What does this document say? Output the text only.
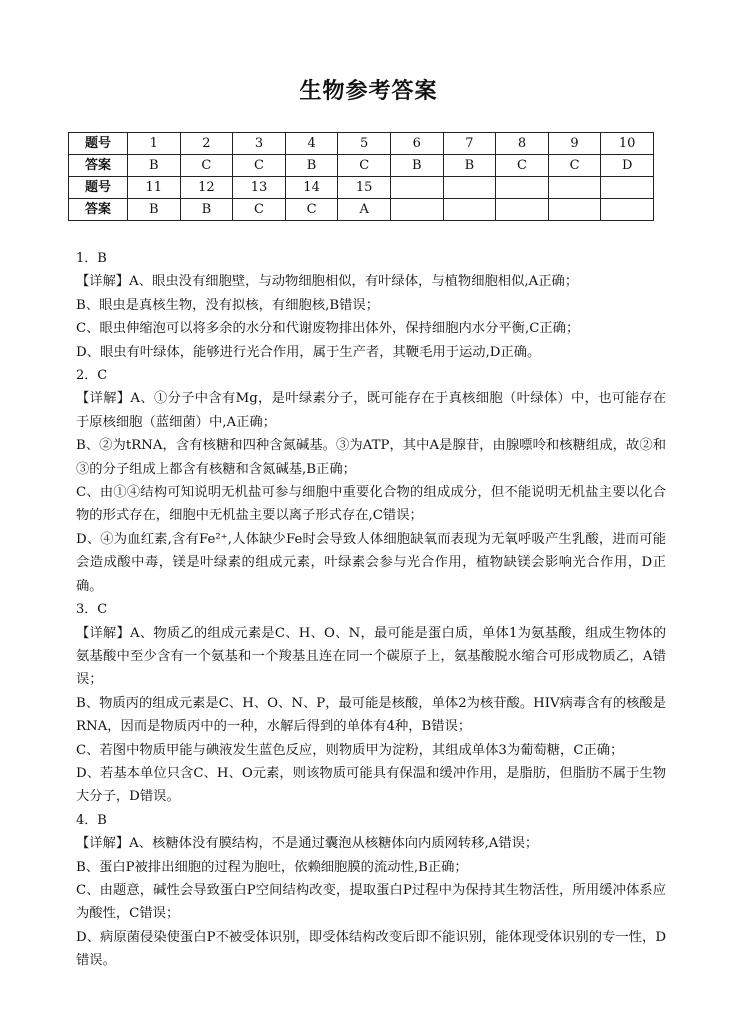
生物参考答案
题号	1	2	3	4	5	6	7	8	9	10
答案	B	C	C	B	C	B	B	C	C	D
题号	11	12	13	14	15					
答案	B	B	C	C	A					

1．B

【详解】A、眼虫没有细胞壁，与动物细胞相似，有叶绿体，与植物细胞相似,A正确；

B、眼虫是真核生物，没有拟核，有细胞核,B错误；

C、眼虫伸缩泡可以将多余的水分和代谢废物排出体外，保持细胞内水分平衡,C正确；

D、眼虫有叶绿体，能够进行光合作用，属于生产者，其鞭毛用于运动,D正确。

2．C

【详解】A、①分子中含有Mg，是叶绿素分子，既可能存在于真核细胞（叶绿体）中，也可能存在于原核细胞（蓝细菌）中,A正确；

B、②为tRNA，含有核糖和四种含氮碱基。③为ATP，其中A是腺苷，由腺嘌呤和核糖组成，故②和③的分子组成上都含有核糖和含氮碱基,B正确；

C、由①④结构可知说明无机盐可参与细胞中重要化合物的组成成分，但不能说明无机盐主要以化合物的形式存在，细胞中无机盐主要以离子形式存在,C错误；

D、④为血红素,含有Fe²⁺,人体缺少Fe时会导致人体细胞缺氧而表现为无氧呼吸产生乳酸，进而可能会造成酸中毒，镁是叶绿素的组成元素，叶绿素会参与光合作用，植物缺镁会影响光合作用，D正确。

3．C

【详解】A、物质乙的组成元素是C、H、O、N，最可能是蛋白质，单体1为氨基酸，组成生物体的氨基酸中至少含有一个氨基和一个羧基且连在同一个碳原子上，氨基酸脱水缩合可形成物质乙，A错误；

B、物质丙的组成元素是C、H、O、N、P，最可能是核酸，单体2为核苷酸。HIV病毒含有的核酸是RNA，因而是物质丙中的一种，水解后得到的单体有4种，B错误；

C、若图中物质甲能与碘液发生蓝色反应，则物质甲为淀粉，其组成单体3为葡萄糖，C正确；

D、若基本单位只含C、H、O元素，则该物质可能具有保温和缓冲作用，是脂肪，但脂肪不属于生物大分子，D错误。

4．B

【详解】A、核糖体没有膜结构，不是通过囊泡从核糖体向内质网转移,A错误；

B、蛋白P被排出细胞的过程为胞吐，依赖细胞膜的流动性,B正确；

C、由题意，碱性会导致蛋白P空间结构改变，提取蛋白P过程中为保持其生物活性，所用缓冲体系应为酸性，C错误；

D、病原菌侵染使蛋白P不被受体识别，即受体结构改变后即不能识别，能体现受体识别的专一性，D错误。
